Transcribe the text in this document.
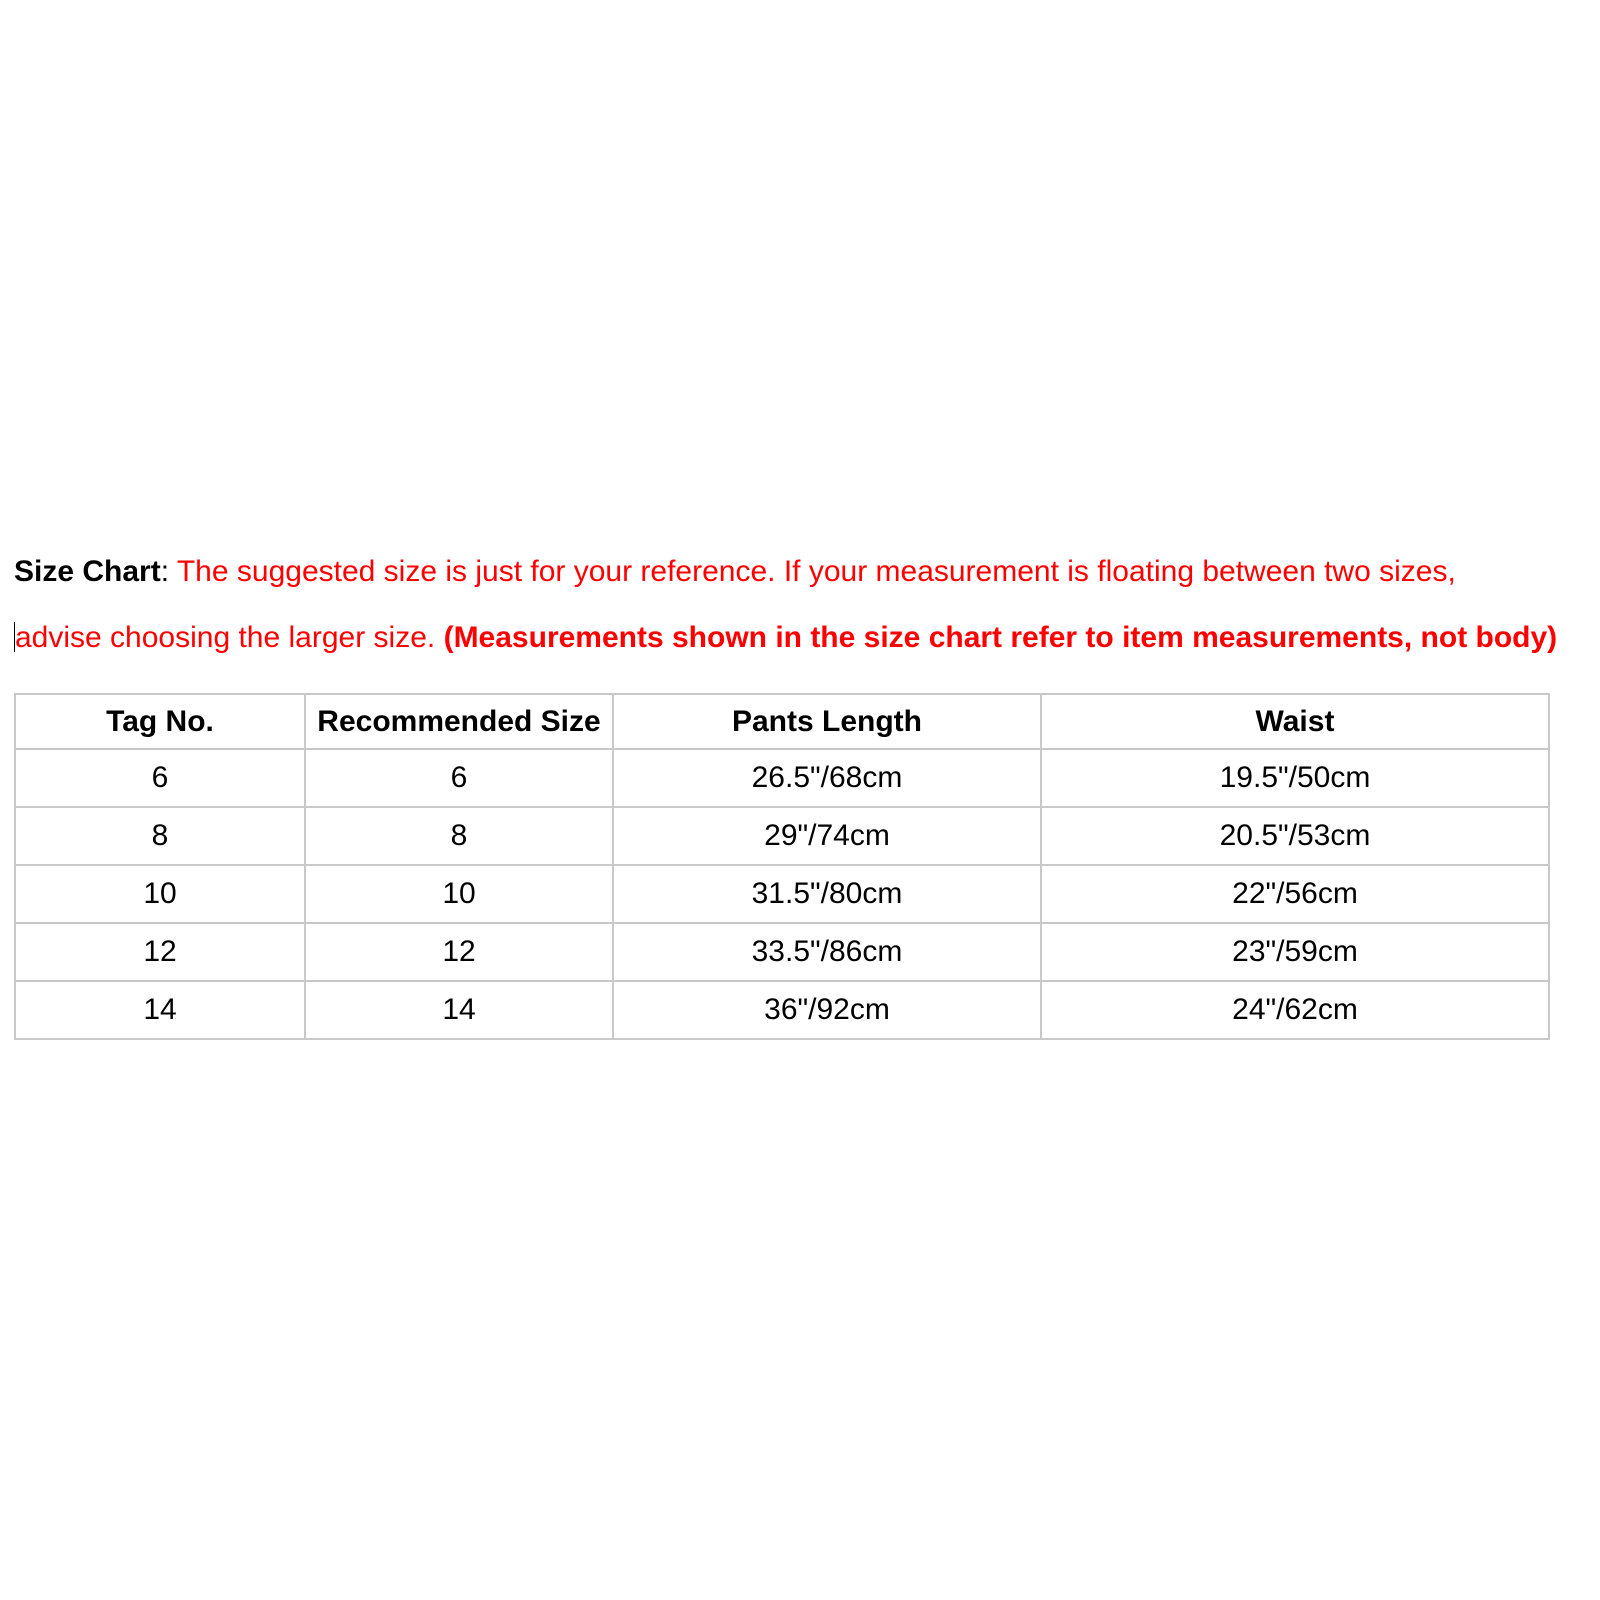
Size Chart: The suggested size is just for your reference. If your measurement is floating between two sizes,
advise choosing the larger size. (Measurements shown in the size chart refer to item measurements, not body)
Tag No.	Recommended Size	Pants Length	Waist
6	6	26.5"/68cm	19.5"/50cm
8	8	29"/74cm	20.5"/53cm
10	10	31.5"/80cm	22"/56cm
12	12	33.5"/86cm	23"/59cm
14	14	36"/92cm	24"/62cm
